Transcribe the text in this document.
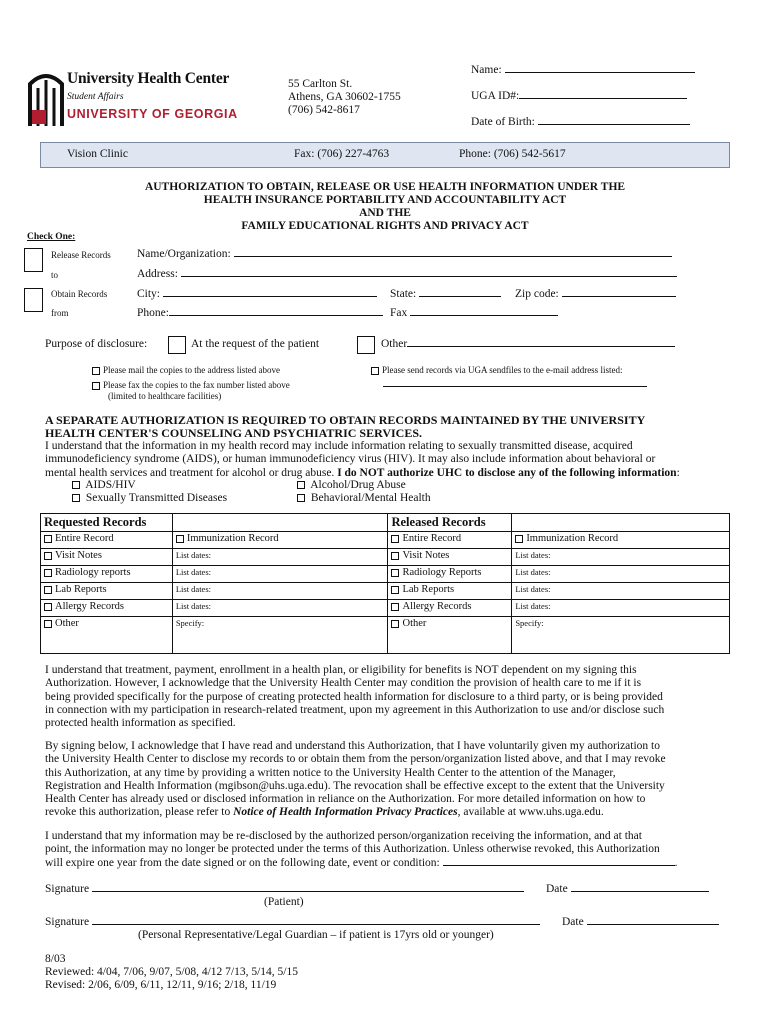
University Health Center
Student Affairs
UNIVERSITY OF GEORGIA
55 Carlton St.
Athens, GA 30602-1755
(706) 542-8617
Name:
UGA ID#:
Date of Birth:
Vision Clinic	Fax: (706) 227-4763	Phone: (706) 542-5617
AUTHORIZATION TO OBTAIN, RELEASE OR USE HEALTH INFORMATION UNDER THE
HEALTH INSURANCE PORTABILITY AND ACCOUNTABILITY ACT
AND THE
FAMILY EDUCATIONAL RIGHTS AND PRIVACY ACT
Check One:
Release Records
to
Obtain Records
from
Name/Organization:
Address:
City:	State:	Zip code:
Phone:	Fax
Purpose of disclosure:	At the request of the patient	Other
Please mail the copies to the address listed above
Please fax the copies to the fax number listed above
(limited to healthcare facilities)
Please send records via UGA sendfiles to the e-mail address listed:
A SEPARATE AUTHORIZATION IS REQUIRED TO OBTAIN RECORDS MAINTAINED BY THE UNIVERSITY
HEALTH CENTER'S COUNSELING AND PSYCHIATRIC SERVICES.
I understand that the information in my health record may include information relating to sexually transmitted disease, acquired
immunodeficiency syndrome (AIDS), or human immunodeficiency virus (HIV). It may also include information about behavioral or
mental health services and treatment for alcohol or drug abuse. I do NOT authorize UHC to disclose any of the following information:
AIDS/HIV
Sexually Transmitted Diseases
Alcohol/Drug Abuse
Behavioral/Mental Health
Requested Records		Released Records	
Entire Record	Immunization Record	Entire Record	Immunization Record
Visit Notes	List dates:	Visit Notes	List dates:
Radiology reports	List dates:	Radiology Reports	List dates:
Lab Reports	List dates:	Lab Reports	List dates:
Allergy Records	List dates:	Allergy Records	List dates:
Other	Specify:	Other	Specify:
I understand that treatment, payment, enrollment in a health plan, or eligibility for benefits is NOT dependent on my signing this
Authorization. However, I acknowledge that the University Health Center may condition the provision of health care to me if it is
being provided specifically for the purpose of creating protected health information for disclosure to a third party, or is being provided
in connection with my participation in research-related treatment, upon my agreement in this Authorization to use and/or disclose such
protected health information as specified.
By signing below, I acknowledge that I have read and understand this Authorization, that I have voluntarily given my authorization to
the University Health Center to disclose my records to or obtain them from the person/organization listed above, and that I may revoke
this Authorization, at any time by providing a written notice to the University Health Center to the attention of the Manager,
Registration and Health Information (mgibson@uhs.uga.edu). The revocation shall be effective except to the extent that the University
Health Center has already used or disclosed information in reliance on the Authorization. For more detailed information on how to
revoke this authorization, please refer to Notice of Health Information Privacy Practices, available at www.uhs.uga.edu.
I understand that my information may be re-disclosed by the authorized person/organization receiving the information, and at that
point, the information may no longer be protected under the terms of this Authorization. Unless otherwise revoked, this Authorization
will expire one year from the date signed or on the following date, event or condition:	.
Signature	Date
(Patient)
Signature	Date
(Personal Representative/Legal Guardian – if patient is 17yrs old or younger)
8/03
Reviewed: 4/04, 7/06, 9/07, 5/08, 4/12 7/13, 5/14, 5/15
Revised: 2/06, 6/09, 6/11, 12/11, 9/16; 2/18, 11/19
